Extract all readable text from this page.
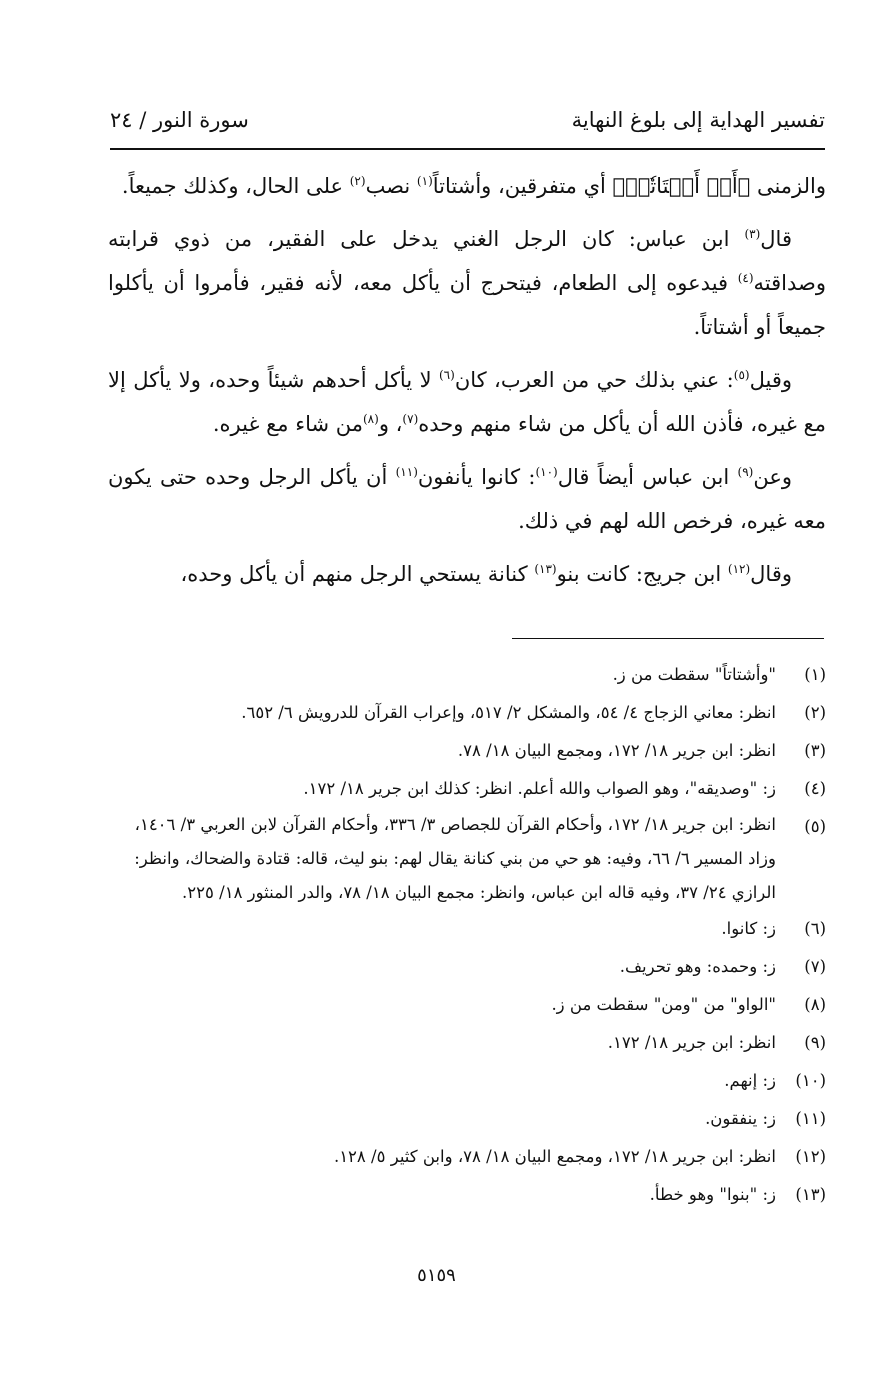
تفسير الهداية إلى بلوغ النهاية
سورة النور / ٢٤

والزمنى ﴿أَوۡ أَشۡتَاتٗاۚ﴾ أي متفرقين، وأشتاتاً$^{(١)}$ نصب$^{(٢)}$ على الحال، وكذلك جميعاً.

قال$^{(٣)}$ ابن عباس: كان الرجل الغني يدخل على الفقير، من ذوي قرابته وصداقته$^{(٤)}$ فيدعوه إلى الطعام، فيتحرج أن يأكل معه، لأنه فقير، فأمروا أن يأكلوا جميعاً أو أشتاتاً.

وقيل$^{(٥)}$: عني بذلك حي من العرب، كان$^{(٦)}$ لا يأكل أحدهم شيئاً وحده، ولا يأكل إلا مع غيره، فأذن الله أن يأكل من شاء منهم وحده$^{(٧)}$، و$^{(٨)}$من شاء مع غيره.

وعن$^{(٩)}$ ابن عباس أيضاً قال$^{(١٠)}$: كانوا يأنفون$^{(١١)}$ أن يأكل الرجل وحده حتى يكون معه غيره، فرخص الله لهم في ذلك.

وقال$^{(١٢)}$ ابن جريج: كانت بنو$^{(١٣)}$ كنانة يستحي الرجل منهم أن يأكل وحده،

(١)
"وأشتاتاً" سقطت من ز.
(٢)
انظر: معاني الزجاج ٤/ ٥٤، والمشكل ٢/ ٥١٧، وإعراب القرآن للدرويش ٦/ ٦٥٢.
(٣)
انظر: ابن جرير ١٨/ ١٧٢، ومجمع البيان ١٨/ ٧٨.
(٤)
ز: "وصديقه"، وهو الصواب والله أعلم. انظر: كذلك ابن جرير ١٨/ ١٧٢.
(٥)
انظر: ابن جرير ١٨/ ١٧٢، وأحكام القرآن للجصاص ٣/ ٣٣٦، وأحكام القرآن لابن العربي ٣/ ١٤٠٦، وزاد المسير ٦/ ٦٦، وفيه: هو حي من بني كنانة يقال لهم: بنو ليث، قاله: قتادة والضحاك، وانظر: الرازي ٢٤/ ٣٧، وفيه قاله ابن عباس، وانظر: مجمع البيان ١٨/ ٧٨، والدر المنثور ١٨/ ٢٢٥.
(٦)
ز: كانوا.
(٧)
ز: وحمده: وهو تحريف.
(٨)
"الواو" من "ومن" سقطت من ز.
(٩)
انظر: ابن جرير ١٨/ ١٧٢.
(١٠)
ز: إنهم.
(١١)
ز: ينفقون.
(١٢)
انظر: ابن جرير ١٨/ ١٧٢، ومجمع البيان ١٨/ ٧٨، وابن كثير ٥/ ١٢٨.
(١٣)
ز: "بنوا" وهو خطأ.
٥١٥٩
